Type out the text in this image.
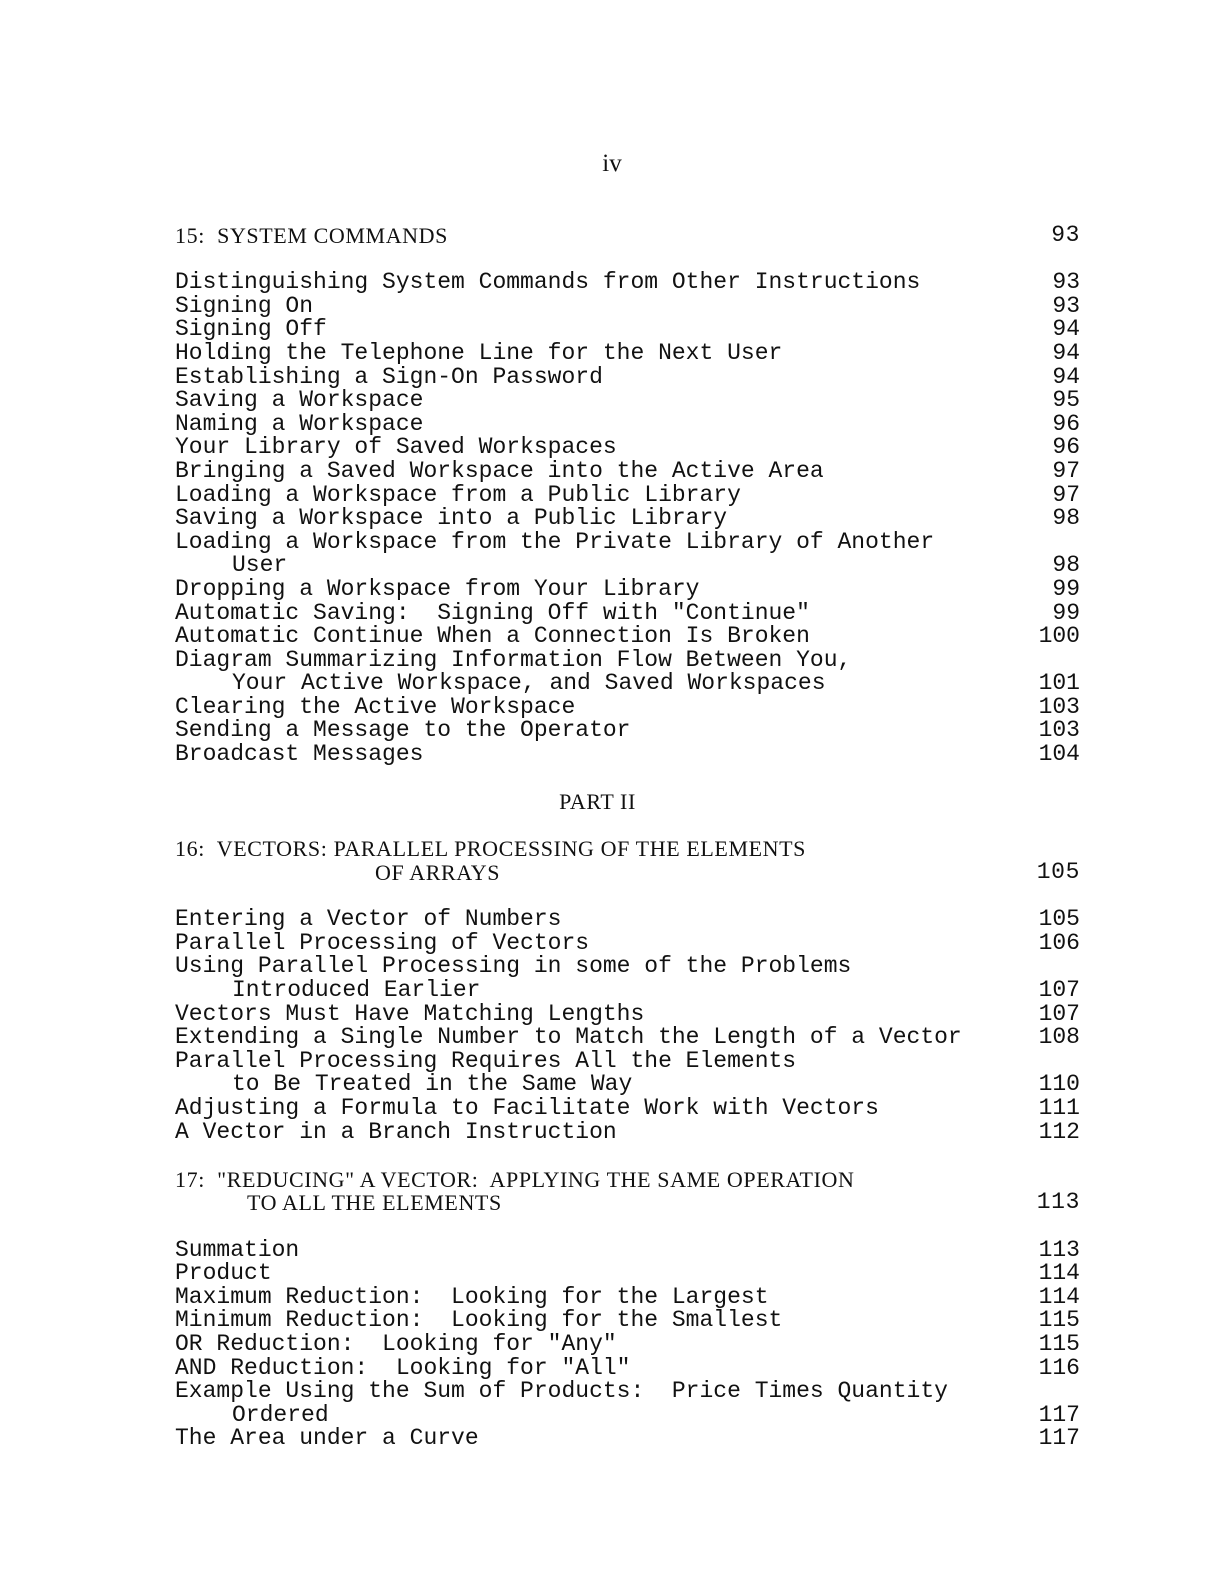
iv
15:  SYSTEM COMMANDS	93
Distinguishing System Commands from Other Instructions	93
Signing On	93
Signing Off	94
Holding the Telephone Line for the Next User	94
Establishing a Sign-On Password	94
Saving a Workspace	95
Naming a Workspace	96
Your Library of Saved Workspaces	96
Bringing a Saved Workspace into the Active Area	97
Loading a Workspace from a Public Library	97
Saving a Workspace into a Public Library	98
Loading a Workspace from the Private Library of Another
User	98
Dropping a Workspace from Your Library	99
Automatic Saving:  Signing Off with "Continue"	99
Automatic Continue When a Connection Is Broken	100
Diagram Summarizing Information Flow Between You,
Your Active Workspace, and Saved Workspaces	101
Clearing the Active Workspace	103
Sending a Message to the Operator	103
Broadcast Messages	104
PART II
16:  VECTORS: PARALLEL PROCESSING OF THE ELEMENTS
OF ARRAYS	105
Entering a Vector of Numbers	105
Parallel Processing of Vectors	106
Using Parallel Processing in some of the Problems
Introduced Earlier	107
Vectors Must Have Matching Lengths	107
Extending a Single Number to Match the Length of a Vector	108
Parallel Processing Requires All the Elements
to Be Treated in the Same Way	110
Adjusting a Formula to Facilitate Work with Vectors	111
A Vector in a Branch Instruction	112
17:  "REDUCING" A VECTOR:  APPLYING THE SAME OPERATION
TO ALL THE ELEMENTS	113
Summation	113
Product	114
Maximum Reduction:  Looking for the Largest	114
Minimum Reduction:  Looking for the Smallest	115
OR Reduction:  Looking for "Any"	115
AND Reduction:  Looking for "All"	116
Example Using the Sum of Products:  Price Times Quantity
Ordered	117
The Area under a Curve	117
